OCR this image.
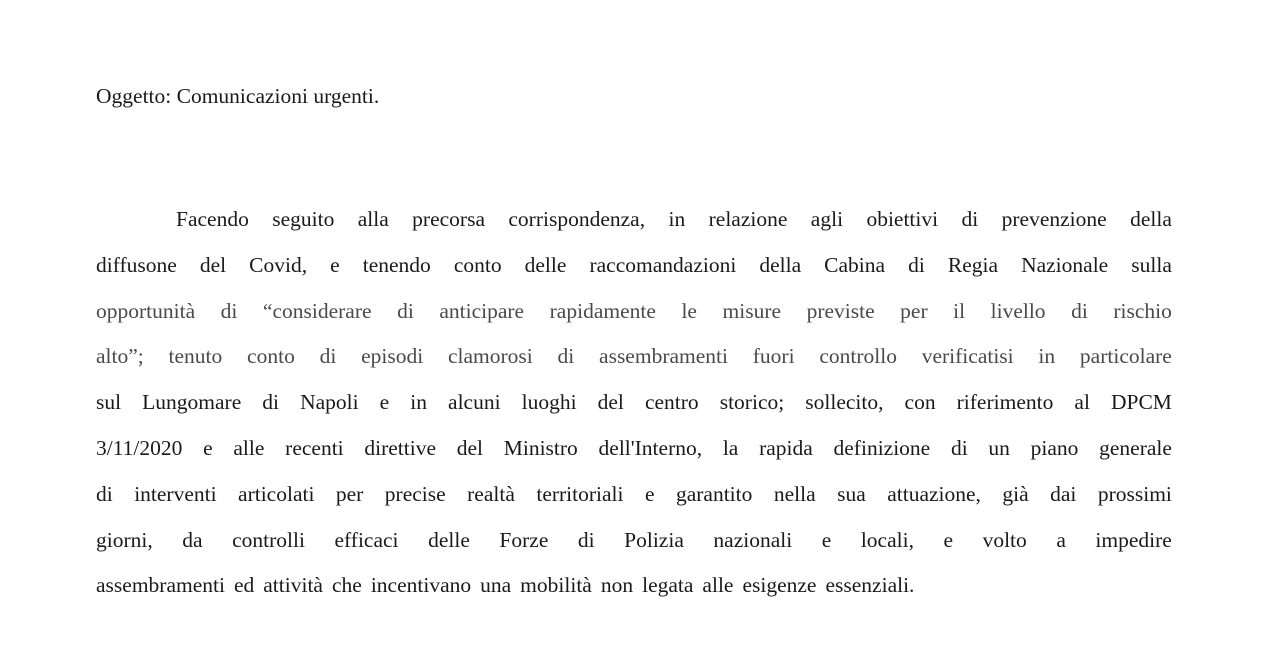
Oggetto: Comunicazioni urgenti.
Facendo seguito alla precorsa corrispondenza, in relazione agli obiettivi di prevenzione della
diffusone del Covid, e tenendo conto delle raccomandazioni della Cabina di Regia Nazionale sulla
opportunità di “considerare di anticipare rapidamente le misure previste per il livello di rischio
alto”; tenuto conto di episodi clamorosi di assembramenti fuori controllo verificatisi in particolare
sul Lungomare di Napoli e in alcuni luoghi del centro storico; sollecito, con riferimento al DPCM
3/11/2020 e alle recenti direttive del Ministro dell'Interno, la rapida definizione di un piano generale
di interventi articolati per precise realtà territoriali e garantito nella sua attuazione, già dai prossimi
giorni, da controlli efficaci delle Forze di Polizia nazionali e locali, e volto a impedire
assembramenti ed attività che incentivano una mobilità non legata alle esigenze essenziali.
